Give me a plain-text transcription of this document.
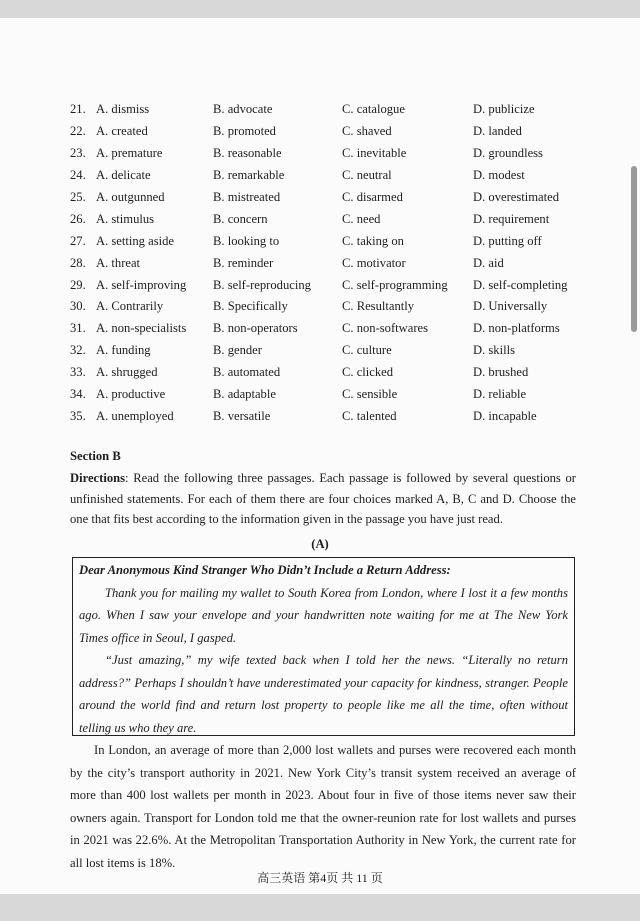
21. A. dismiss	B. advocate	C. catalogue	D. publicize
22. A. created	B. promoted	C. shaved	D. landed
23. A. premature	B. reasonable	C. inevitable	D. groundless
24. A. delicate	B. remarkable	C. neutral	D. modest
25. A. outgunned	B. mistreated	C. disarmed	D. overestimated
26. A. stimulus	B. concern	C. need	D. requirement
27. A. setting aside	B. looking to	C. taking on	D. putting off
28. A. threat	B. reminder	C. motivator	D. aid
29. A. self-improving B. self-reproducing C. self-programming D. self-completing
30. A. Contrarily	B. Specifically	C. Resultantly	D. Universally
31. A. non-specialists B. non-operators	C. non-softwares	D. non-platforms
32. A. funding	B. gender	C. culture	D. skills
33. A. shrugged	B. automated	C. clicked	D. brushed
34. A. productive	B. adaptable	C. sensible	D. reliable
35. A. unemployed	B. versatile	C. talented	D. incapable
Section B
Directions: Read the following three passages. Each passage is followed by several questions or unfinished statements. For each of them there are four choices marked A, B, C and D. Choose the one that fits best according to the information given in the passage you have just read.
(A)
Dear Anonymous Kind Stranger Who Didn’t Include a Return Address:

Thank you for mailing my wallet to South Korea from London, where I lost it a few months ago. When I saw your envelope and your handwritten note waiting for me at The New York Times office in Seoul, I gasped.

“Just amazing,” my wife texted back when I told her the news. “Literally no return address?” Perhaps I shouldn’t have underestimated your capacity for kindness, stranger. People around the world find and return lost property to people like me all the time, often without telling us who they are.

In London, an average of more than 2,000 lost wallets and purses were recovered each month by the city’s transport authority in 2021. New York City’s transit system received an average of more than 400 lost wallets per month in 2023. About four in five of those items never saw their owners again. Transport for London told me that the owner-reunion rate for lost wallets and purses in 2021 was 22.6%. At the Metropolitan Transportation Authority in New York, the current rate for all lost items is 18%.

高三英语 第4页 共 11 页
